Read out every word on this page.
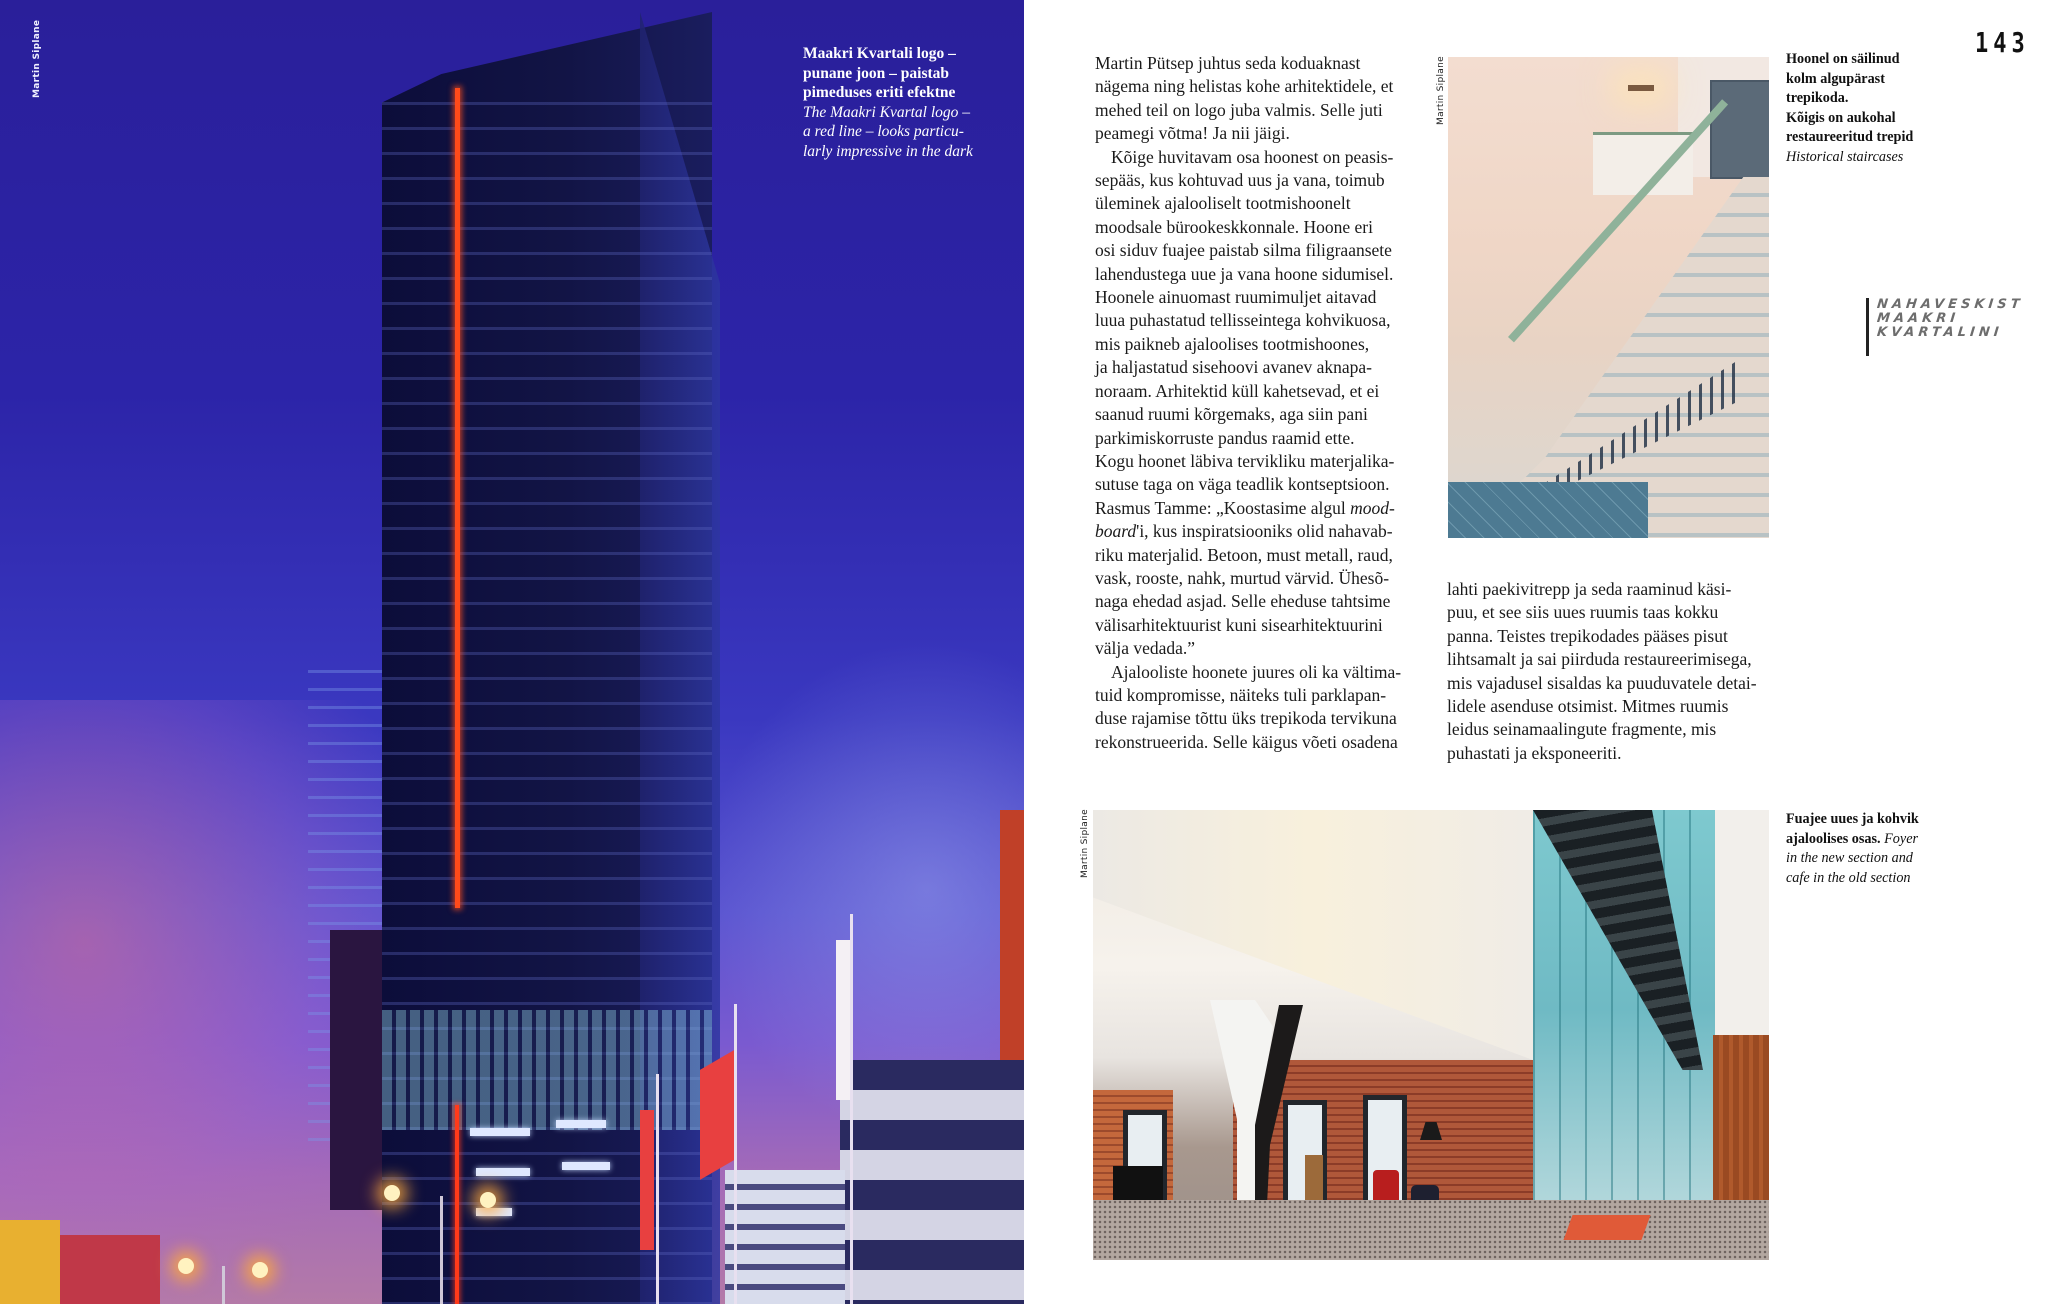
Martin Siplane	Maakri Kvartali logo –
punane joon – paistab
pimeduses eriti efektne
The Maakri Kvartal logo –
a red line – looks particu-
larly impressive in the dark
Martin Pütsep juhtus seda koduaknast
nägema ning helistas kohe arhitektidele, et
mehed teil on logo juba valmis. Selle juti
peamegi võtma! Ja nii jäigi.
Kõige huvitavam osa hoonest on peasis-
sepääs, kus kohtuvad uus ja vana, toimub
üleminek ajalooliselt tootmishoonelt
moodsale bürookeskkonnale. Hoone eri
osi siduv fuajee paistab silma filigraansete
lahendustega uue ja vana hoone sidumisel.
Hoonele ainuomast ruumimuljet aitavad
luua puhastatud tellisseintega kohvikuosa,
mis paikneb ajaloolises tootmishoones,
ja haljastatud sisehoovi avanev aknapa-
noraam. Arhitektid küll kahetsevad, et ei
saanud ruumi kõrgemaks, aga siin pani
parkimiskorruste pandus raamid ette.
Kogu hoonet läbiva tervikliku materjalika-
sutuse taga on väga teadlik kontseptsioon.
Rasmus Tamme: „Koostasime algul mood-
board'i, kus inspiratsiooniks olid nahavab-
riku materjalid. Betoon, must metall, raud,
vask, rooste, nahk, murtud värvid. Ühesõ-
naga ehedad asjad. Selle eheduse tahtsime
välisarhitektuurist kuni sisearhitektuurini
välja vedada.”
Ajalooliste hoonete juures oli ka vältima-
tuid kompromisse, näiteks tuli parklapan-
duse rajamise tõttu üks trepikoda tervikuna
rekonstrueerida. Selle käigus võeti osadena
lahti paekivitrepp ja seda raaminud käsi-
puu, et see siis uues ruumis taas kokku
panna. Teistes trepikodades pääses pisut
lihtsamalt ja sai piirduda restaureerimisega,
mis vajadusel sisaldas ka puuduvatele detai-
lidele asenduse otsimist. Mitmes ruumis
leidus seinamaalingute fragmente, mis
puhastati ja eksponeeriti.
Martin Siplane	Hoonel on säilinud
kolm algupärast
trepikoda.
Kõigis on aukohal
restaureeritud trepid
Historical staircases
143
NAHAVESKIST
MAAKRI
KVARTALINI
Martin Siplane	Fuajee uues ja kohvik
ajaloolises osas. Foyer
in the new section and
cafe in the old section
